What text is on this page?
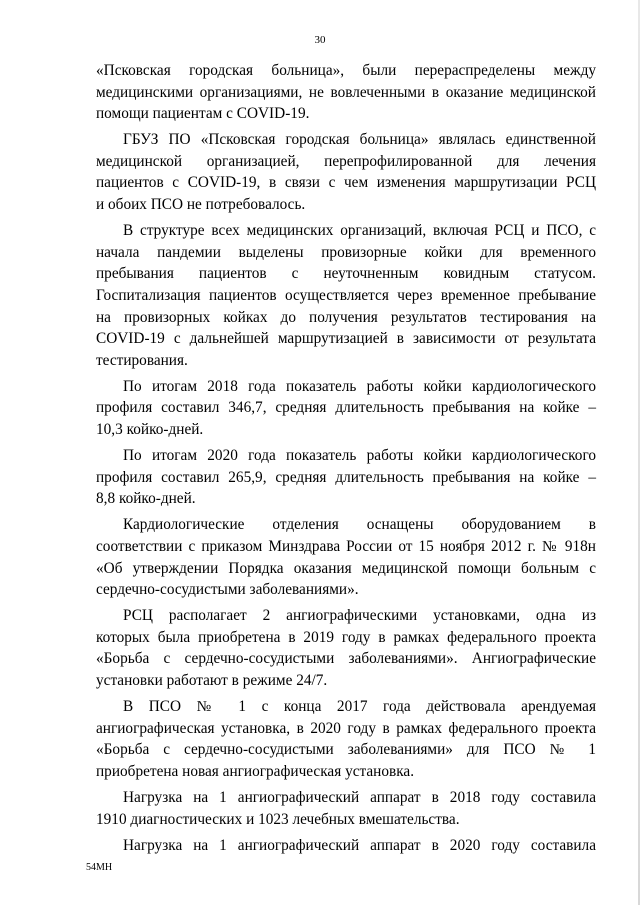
30
«Псковская городская больница», были перераспределены между
медицинскими организациями, не вовлеченными в оказание медицинской
помощи пациентам с COVID-19.
ГБУЗ ПО «Псковская городская больница» являлась единственной
медицинской организацией, перепрофилированной для лечения
пациентов с COVID-19, в связи с чем изменения маршрутизации РСЦ
и обоих ПСО не потребовалось.
В структуре всех медицинских организаций, включая РСЦ и ПСО, с
начала пандемии выделены провизорные койки для временного
пребывания пациентов с неуточненным ковидным статусом.
Госпитализация пациентов осуществляется через временное пребывание
на провизорных койках до получения результатов тестирования на
COVID-19 с дальнейшей маршрутизацией в зависимости от результата
тестирования.
По итогам 2018 года показатель работы койки кардиологического
профиля составил 346,7, средняя длительность пребывания на койке –
10,3 койко-дней.
По итогам 2020 года показатель работы койки кардиологического
профиля составил 265,9, средняя длительность пребывания на койке –
8,8 койко-дней.
Кардиологические отделения оснащены оборудованием в
соответствии с приказом Минздрава России от 15 ноября 2012 г. № 918н
«Об утверждении Порядка оказания медицинской помощи больным с
сердечно-сосудистыми заболеваниями».
РСЦ располагает 2 ангиографическими установками, одна из
которых была приобретена в 2019 году в рамках федерального проекта
«Борьба с сердечно-сосудистыми заболеваниями». Ангиографические
установки работают в режиме 24/7.
В ПСО № 1 с конца 2017 года действовала арендуемая
ангиографическая установка, в 2020 году в рамках федерального проекта
«Борьба с сердечно-сосудистыми заболеваниями» для ПСО № 1
приобретена новая ангиографическая установка.
Нагрузка на 1 ангиографический аппарат в 2018 году составила
1910 диагностических и 1023 лечебных вмешательства.
Нагрузка на 1 ангиографический аппарат в 2020 году составила
54МН
